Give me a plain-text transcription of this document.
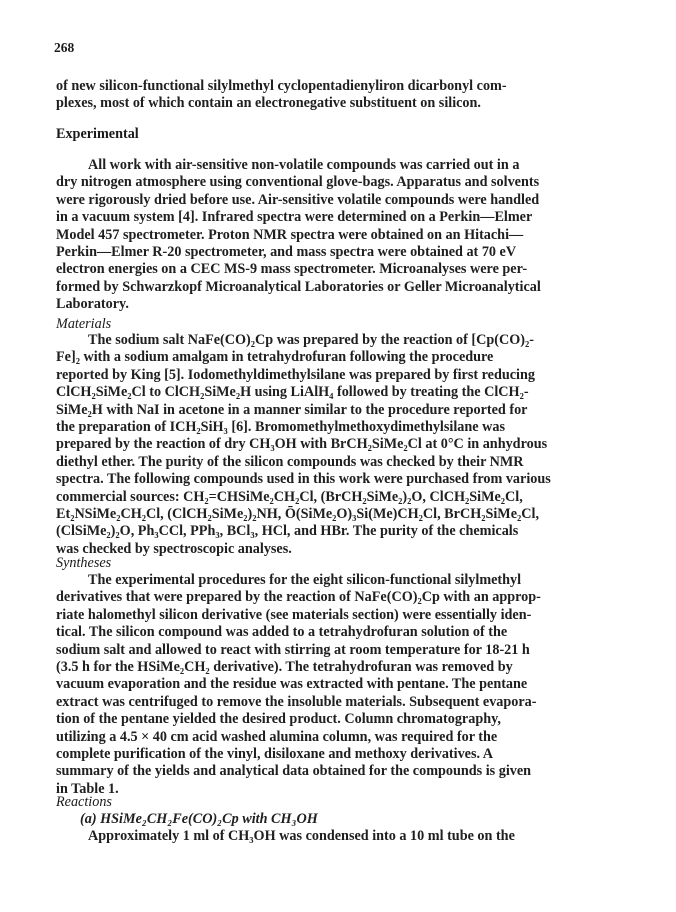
268
of new silicon-functional silylmethyl cyclopentadienyliron dicarbonyl com-
plexes, most of which contain an electronegative substituent on silicon.
Experimental
All work with air-sensitive non-volatile compounds was carried out in a
dry nitrogen atmosphere using conventional glove-bags. Apparatus and solvents
were rigorously dried before use. Air-sensitive volatile compounds were handled
in a vacuum system [4]. Infrared spectra were determined on a Perkin—Elmer
Model 457 spectrometer. Proton NMR spectra were obtained on an Hitachi—
Perkin—Elmer R-20 spectrometer, and mass spectra were obtained at 70 eV
electron energies on a CEC MS-9 mass spectrometer. Microanalyses were per-
formed by Schwarzkopf Microanalytical Laboratories or Geller Microanalytical
Laboratory.
Materials
The sodium salt NaFe(CO)₂Cp was prepared by the reaction of [Cp(CO)₂-
Fe]₂ with a sodium amalgam in tetrahydrofuran following the procedure
reported by King [5]. Iodomethyldimethylsilane was prepared by first reducing
ClCH₂SiMe₂Cl to ClCH₂SiMe₂H using LiAlH₄ followed by treating the ClCH₂-
SiMe₂H with NaI in acetone in a manner similar to the procedure reported for
the preparation of ICH₂SiH₃ [6]. Bromomethylmethoxydimethylsilane was
prepared by the reaction of dry CH₃OH with BrCH₂SiMe₂Cl at 0°C in anhydrous
diethyl ether. The purity of the silicon compounds was checked by their NMR
spectra. The following compounds used in this work were purchased from various
commercial sources: CH₂=CHSiMe₂CH₂Cl, (BrCH₂SiMe₂)₂O, ClCH₂SiMe₂Cl,
Et₂NSiMe₂CH₂Cl, (ClCH₂SiMe₂)₂NH, Ō(SiMe₂O)₃Si(Me)CH₂Cl, BrCH₂SiMe₂Cl,
(ClSiMe₂)₂O, Ph₃CCl, PPh₃, BCl₃, HCl, and HBr. The purity of the chemicals
was checked by spectroscopic analyses.
Syntheses
The experimental procedures for the eight silicon-functional silylmethyl
derivatives that were prepared by the reaction of NaFe(CO)₂Cp with an approp-
riate halomethyl silicon derivative (see materials section) were essentially iden-
tical. The silicon compound was added to a tetrahydrofuran solution of the
sodium salt and allowed to react with stirring at room temperature for 18-21 h
(3.5 h for the HSiMe₂CH₂ derivative). The tetrahydrofuran was removed by
vacuum evaporation and the residue was extracted with pentane. The pentane
extract was centrifuged to remove the insoluble materials. Subsequent evapora-
tion of the pentane yielded the desired product. Column chromatography,
utilizing a 4.5 × 40 cm acid washed alumina column, was required for the
complete purification of the vinyl, disiloxane and methoxy derivatives. A
summary of the yields and analytical data obtained for the compounds is given
in Table 1.
Reactions
(a) HSiMe₂CH₂Fe(CO)₂Cp with CH₃OH
Approximately 1 ml of CH₃OH was condensed into a 10 ml tube on the
